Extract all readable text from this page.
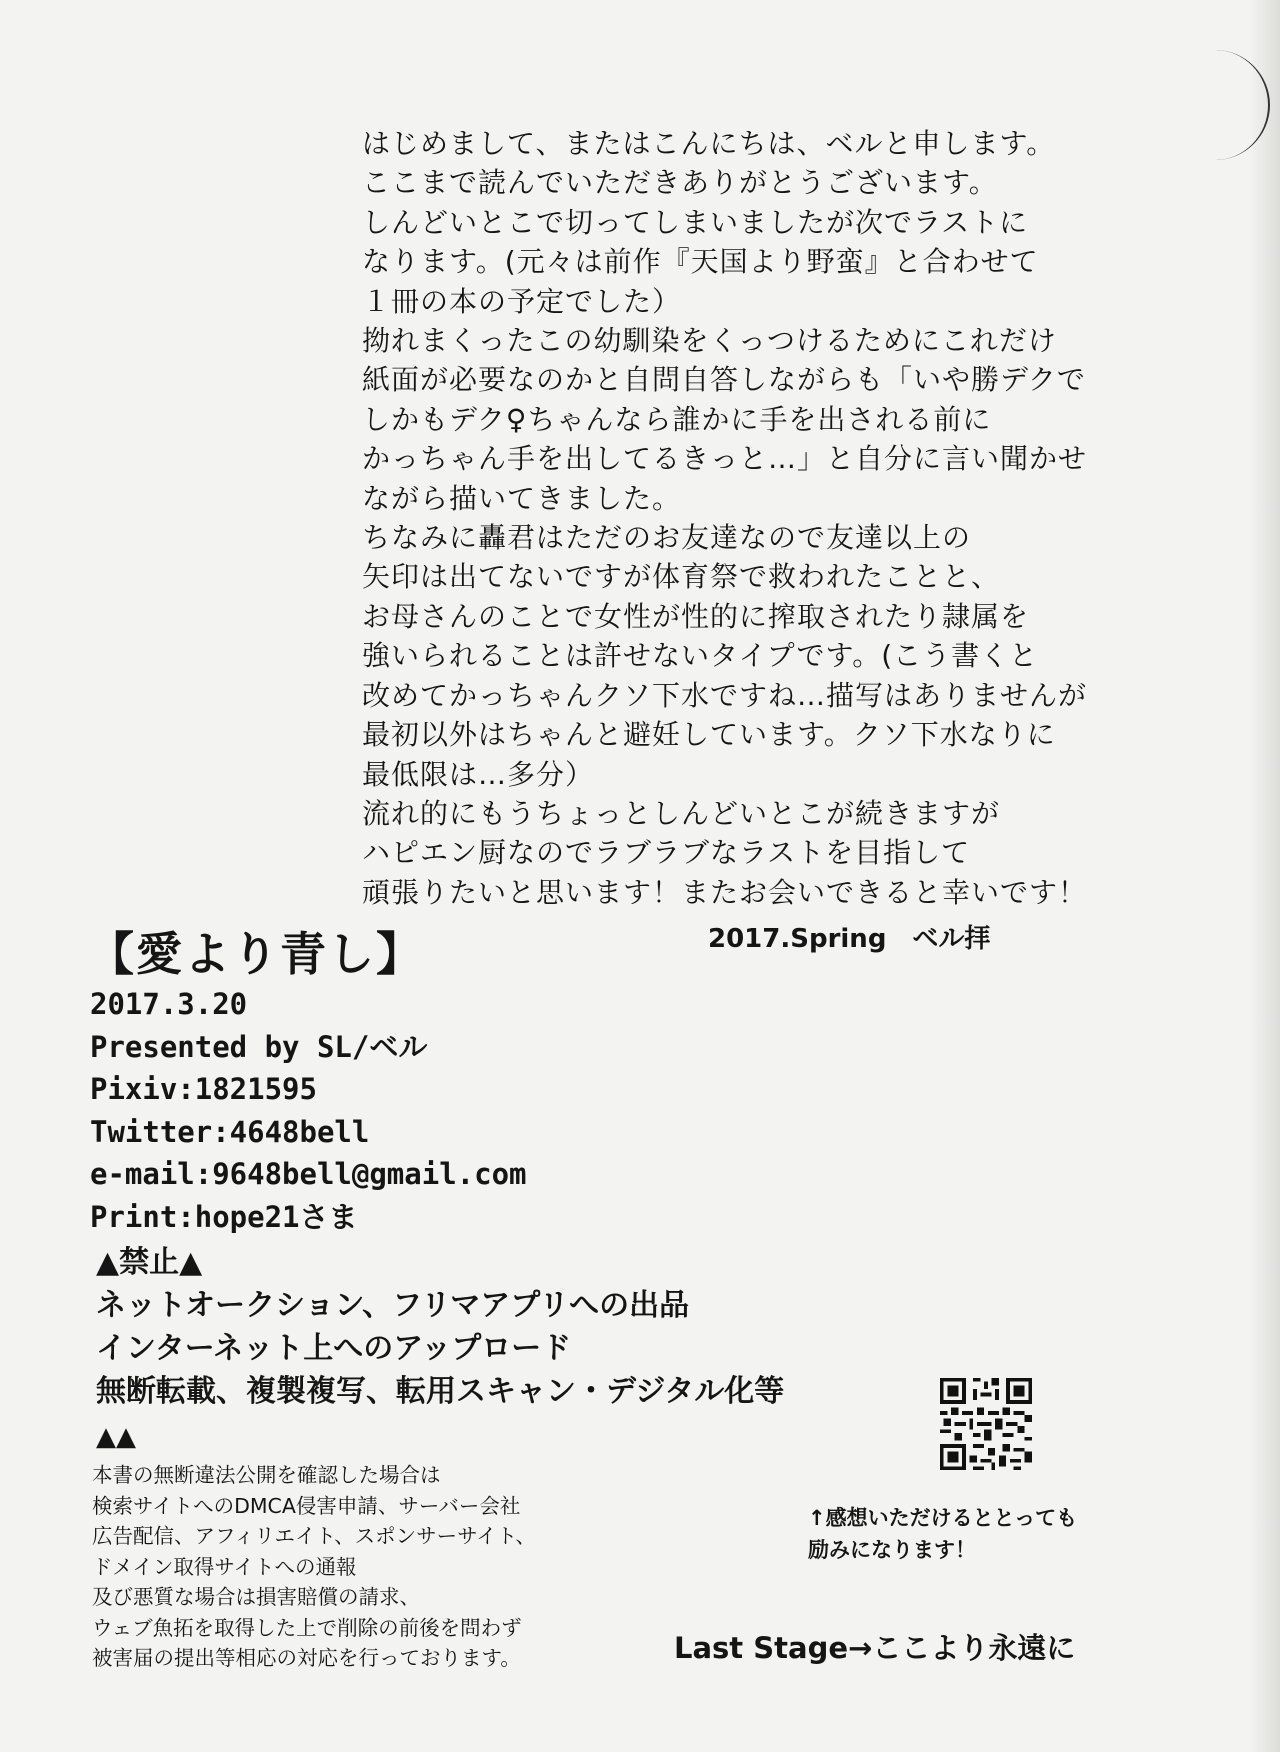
はじめまして、またはこんにちは、ベルと申します。
ここまで読んでいただきありがとうございます。
しんどいとこで切ってしまいましたが次でラストに
なります。(元々は前作『天国より野蛮』と合わせて
１冊の本の予定でした）
拗れまくったこの幼馴染をくっつけるためにこれだけ
紙面が必要なのかと自問自答しながらも「いや勝デクで
しかもデク♀ちゃんなら誰かに手を出される前に
かっちゃん手を出してるきっと…」と自分に言い聞かせ
ながら描いてきました。
ちなみに轟君はただのお友達なので友達以上の
矢印は出てないですが体育祭で救われたことと、
お母さんのことで女性が性的に搾取されたり隷属を
強いられることは許せないタイプです。(こう書くと
改めてかっちゃんクソ下水ですね…描写はありませんが
最初以外はちゃんと避妊しています。クソ下水なりに
最低限は…多分）
流れ的にもうちょっとしんどいとこが続きますが
ハピエン厨なのでラブラブなラストを目指して
頑張りたいと思います！またお会いできると幸いです！
2017.Spring　ベル拝
【愛より青し】
2017.3.20
Presented by SL/ベル
Pixiv:1821595
Twitter:4648bell
e-mail:9648bell@gmail.com
Print:hope21さま
▲禁止▲
ネットオークション、フリマアプリへの出品
インターネット上へのアップロード
無断転載、複製複写、転用スキャン・デジタル化等
▲▲
本書の無断違法公開を確認した場合は
検索サイトへのDMCA侵害申請、サーバー会社
広告配信、アフィリエイト、スポンサーサイト、
ドメイン取得サイトへの通報
及び悪質な場合は損害賠償の請求、
ウェブ魚拓を取得した上で削除の前後を問わず
被害届の提出等相応の対応を行っております。
↑感想いただけるととっても
励みになります！
Last Stage→ここより永遠に
